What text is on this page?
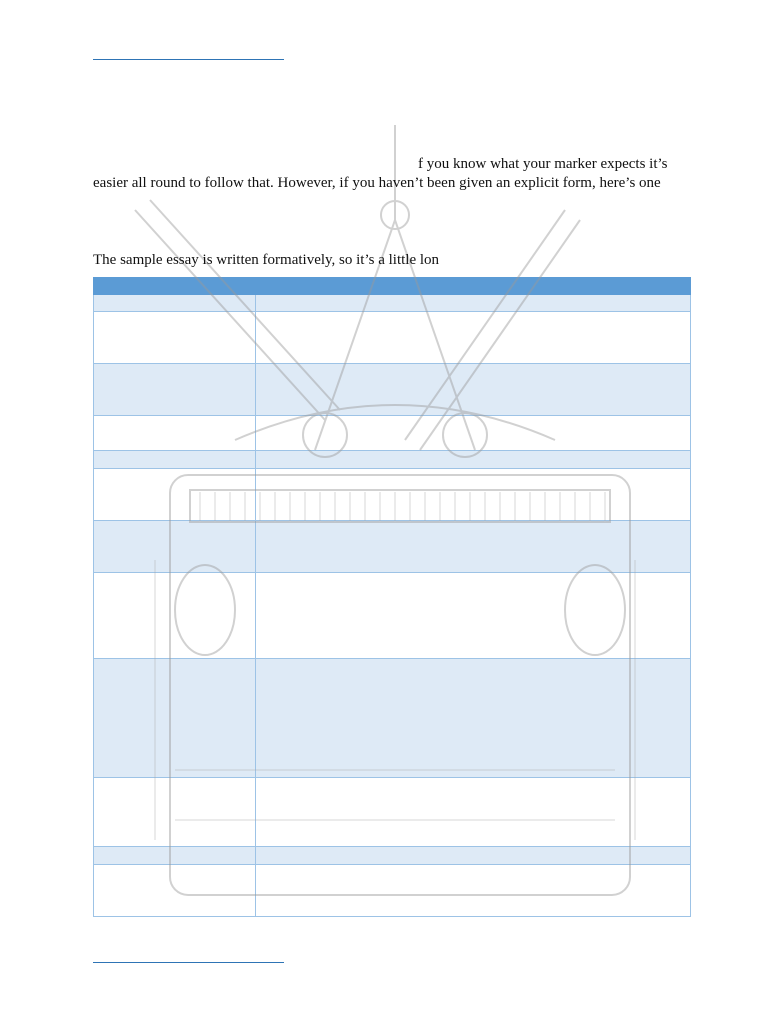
f you know what your marker expects it’s
easier all round to follow that. However, if you haven’t been given an explicit form, here’s one
The sample essay is written formatively, so it’s a little lon
